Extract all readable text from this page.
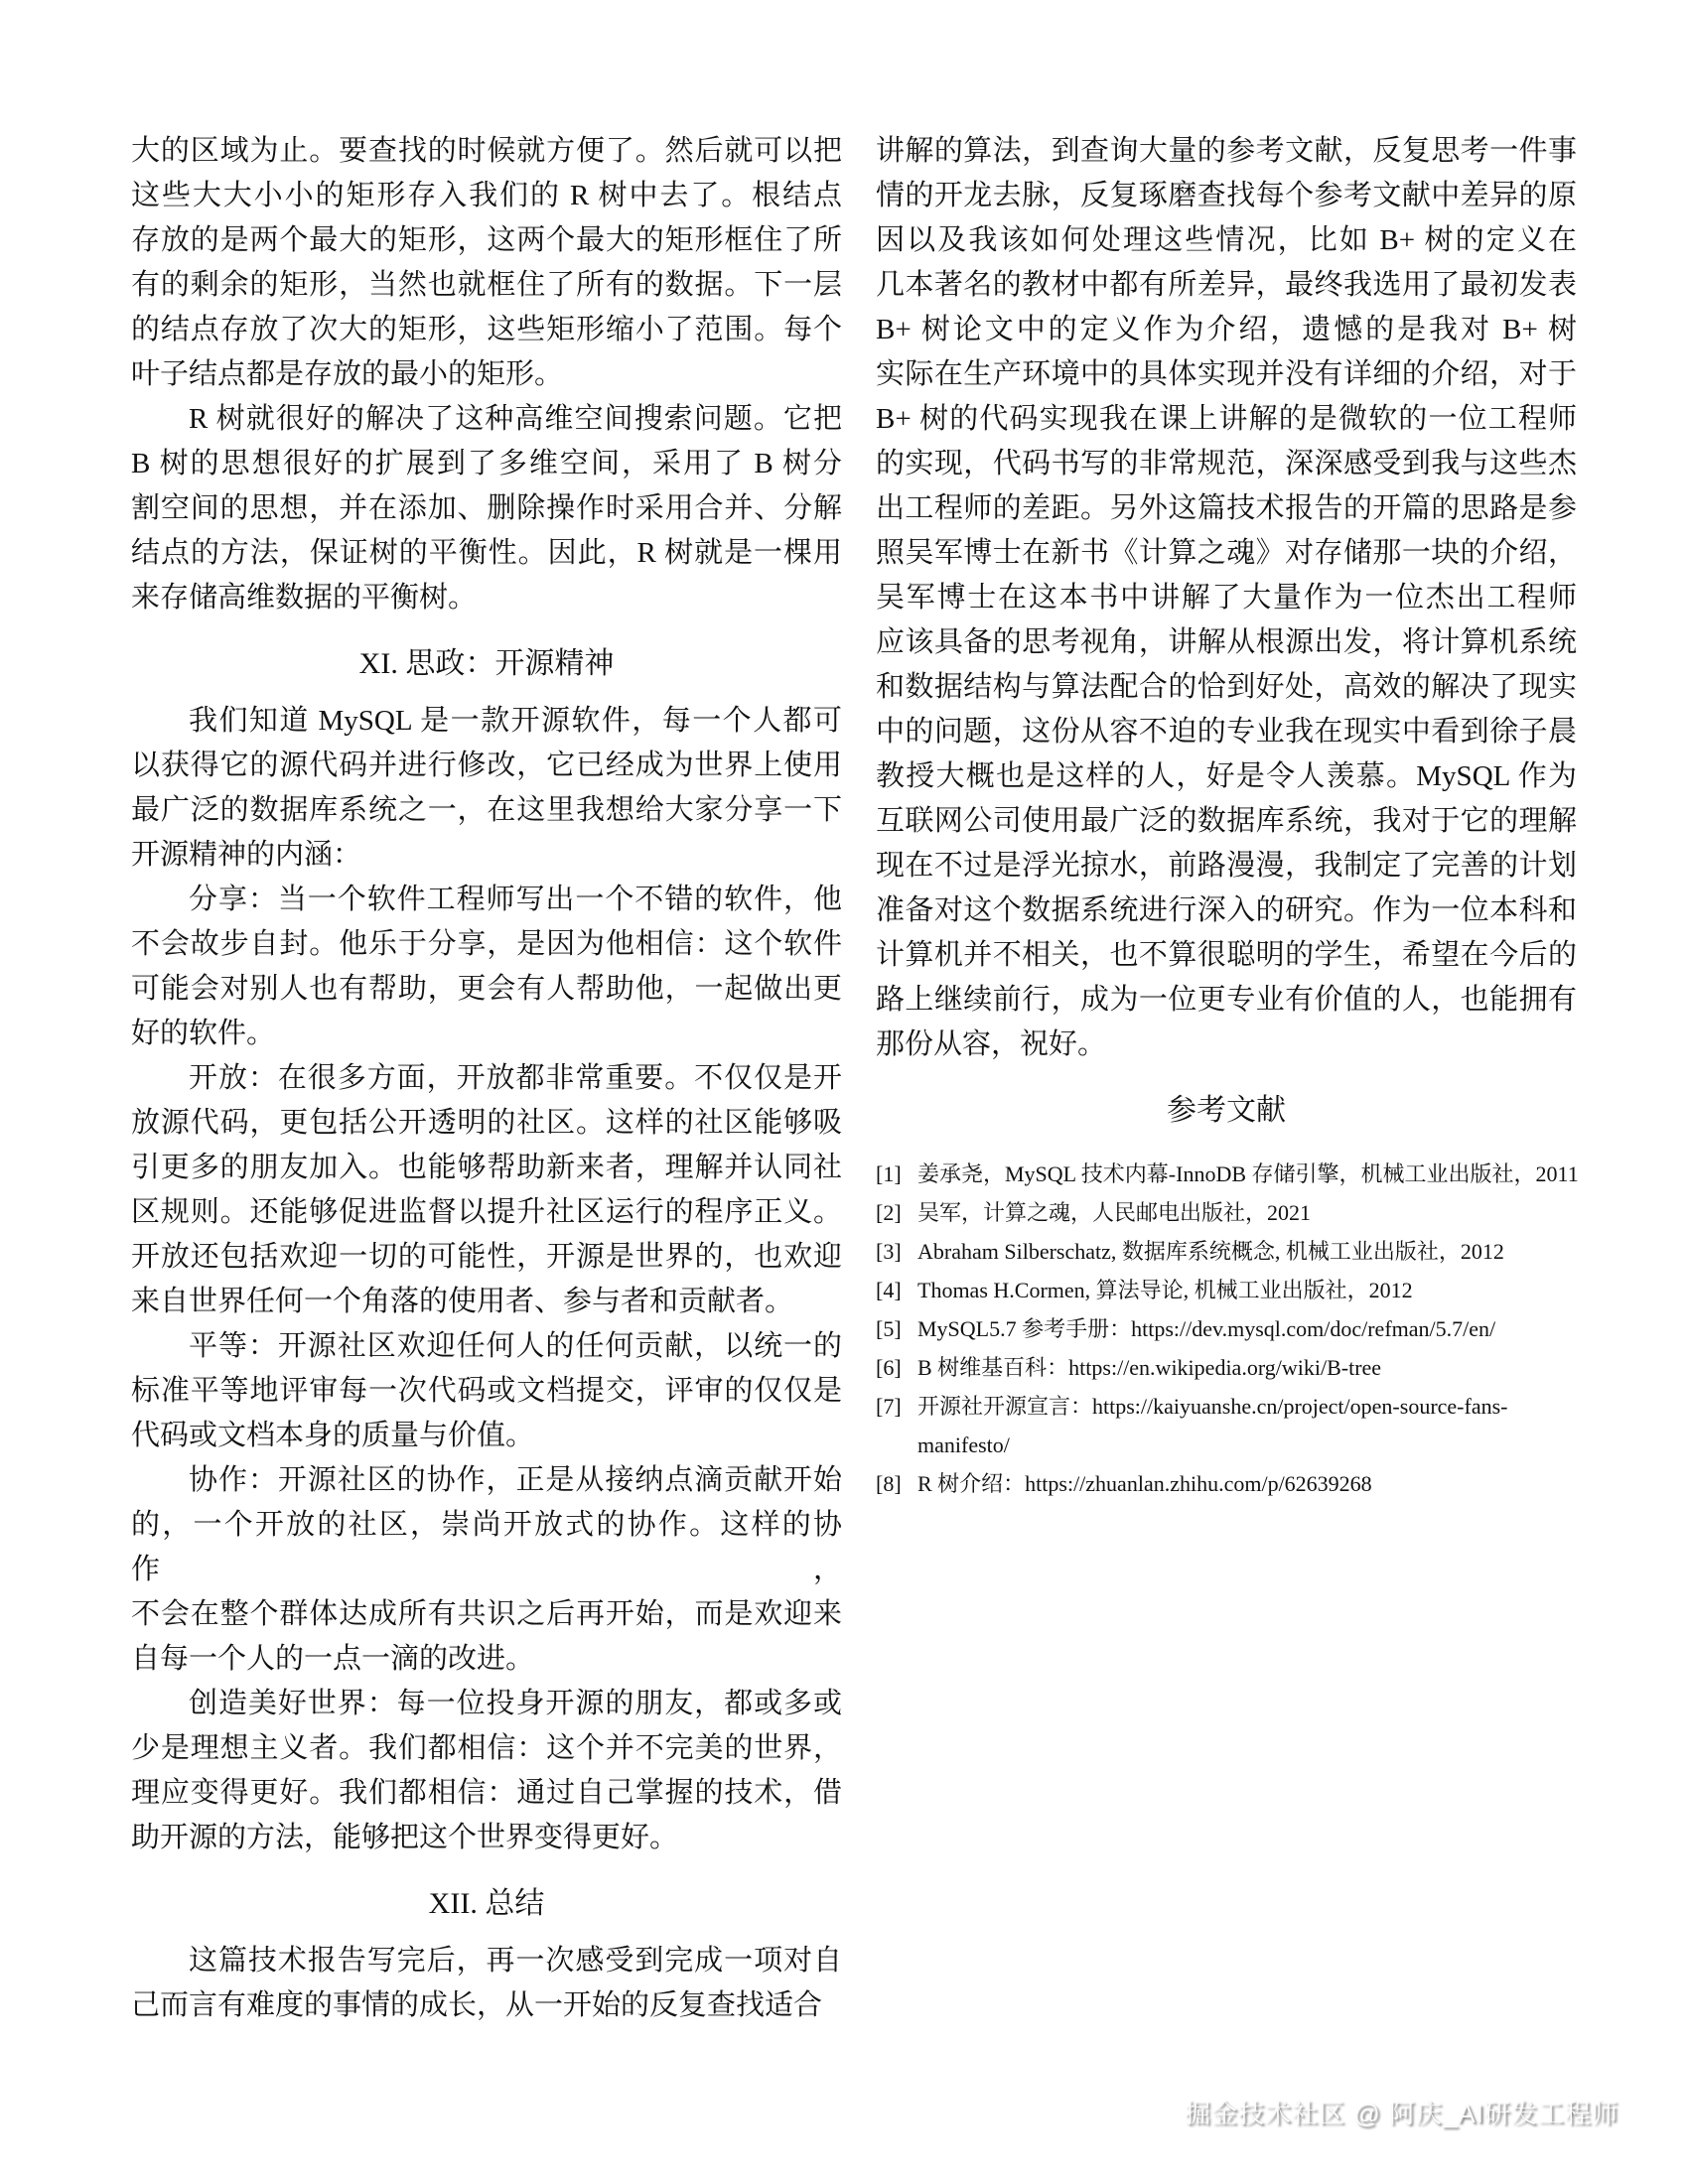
大的区域为止。要查找的时候就方便了。然后就可以把
这些大大小小的矩形存入我们的 R 树中去了。根结点
存放的是两个最大的矩形，这两个最大的矩形框住了所
有的剩余的矩形，当然也就框住了所有的数据。下一层
的结点存放了次大的矩形，这些矩形缩小了范围。每个
叶子结点都是存放的最小的矩形。
R 树就很好的解决了这种高维空间搜索问题。它把
B 树的思想很好的扩展到了多维空间，采用了 B 树分
割空间的思想，并在添加、删除操作时采用合并、分解
结点的方法，保证树的平衡性。因此，R 树就是一棵用
来存储高维数据的平衡树。
XI. 思政：开源精神
我们知道 MySQL 是一款开源软件，每一个人都可
以获得它的源代码并进行修改，它已经成为世界上使用
最广泛的数据库系统之一，在这里我想给大家分享一下
开源精神的内涵：
分享：当一个软件工程师写出一个不错的软件，他
不会故步自封。他乐于分享，是因为他相信：这个软件
可能会对别人也有帮助，更会有人帮助他，一起做出更
好的软件。
开放：在很多方面，开放都非常重要。不仅仅是开
放源代码，更包括公开透明的社区。这样的社区能够吸
引更多的朋友加入。也能够帮助新来者，理解并认同社
区规则。还能够促进监督以提升社区运行的程序正义。
开放还包括欢迎一切的可能性，开源是世界的，也欢迎
来自世界任何一个角落的使用者、参与者和贡献者。
平等：开源社区欢迎任何人的任何贡献，以统一的
标准平等地评审每一次代码或文档提交，评审的仅仅是
代码或文档本身的质量与价值。
协作：开源社区的协作，正是从接纳点滴贡献开始
的，一个开放的社区，崇尚开放式的协作。这样的协作，
不会在整个群体达成所有共识之后再开始，而是欢迎来
自每一个人的一点一滴的改进。
创造美好世界：每一位投身开源的朋友，都或多或
少是理想主义者。我们都相信：这个并不完美的世界，
理应变得更好。我们都相信：通过自己掌握的技术，借
助开源的方法，能够把这个世界变得更好。
XII. 总结
这篇技术报告写完后，再一次感受到完成一项对自
己而言有难度的事情的成长，从一开始的反复查找适合
讲解的算法，到查询大量的参考文献，反复思考一件事
情的开龙去脉，反复琢磨查找每个参考文献中差异的原
因以及我该如何处理这些情况，比如 B+ 树的定义在
几本著名的教材中都有所差异，最终我选用了最初发表
B+ 树论文中的定义作为介绍，遗憾的是我对 B+ 树
实际在生产环境中的具体实现并没有详细的介绍，对于
B+ 树的代码实现我在课上讲解的是微软的一位工程师
的实现，代码书写的非常规范，深深感受到我与这些杰
出工程师的差距。另外这篇技术报告的开篇的思路是参
照吴军博士在新书《计算之魂》对存储那一块的介绍，
吴军博士在这本书中讲解了大量作为一位杰出工程师
应该具备的思考视角，讲解从根源出发，将计算机系统
和数据结构与算法配合的恰到好处，高效的解决了现实
中的问题，这份从容不迫的专业我在现实中看到徐子晨
教授大概也是这样的人，好是令人羡慕。MySQL 作为
互联网公司使用最广泛的数据库系统，我对于它的理解
现在不过是浮光掠水，前路漫漫，我制定了完善的计划
准备对这个数据系统进行深入的研究。作为一位本科和
计算机并不相关，也不算很聪明的学生，希望在今后的
路上继续前行，成为一位更专业有价值的人，也能拥有
那份从容，祝好。
参考文献
[1] 姜承尧，MySQL 技术内幕-InnoDB 存储引擎，机械工业出版社，2011
[2] 吴军，计算之魂，人民邮电出版社，2021
[3] Abraham Silberschatz, 数据库系统概念, 机械工业出版社，2012
[4] Thomas H.Cormen, 算法导论, 机械工业出版社，2012
[5] MySQL5.7 参考手册：https://dev.mysql.com/doc/refman/5.7/en/
[6] B 树维基百科：https://en.wikipedia.org/wiki/B-tree
[7] 开源社开源宣言：https://kaiyuanshe.cn/project/open-source-fans-
manifesto/
[8] R 树介绍：https://zhuanlan.zhihu.com/p/62639268
掘金技术社区 @ 阿庆_AI研发工程师
